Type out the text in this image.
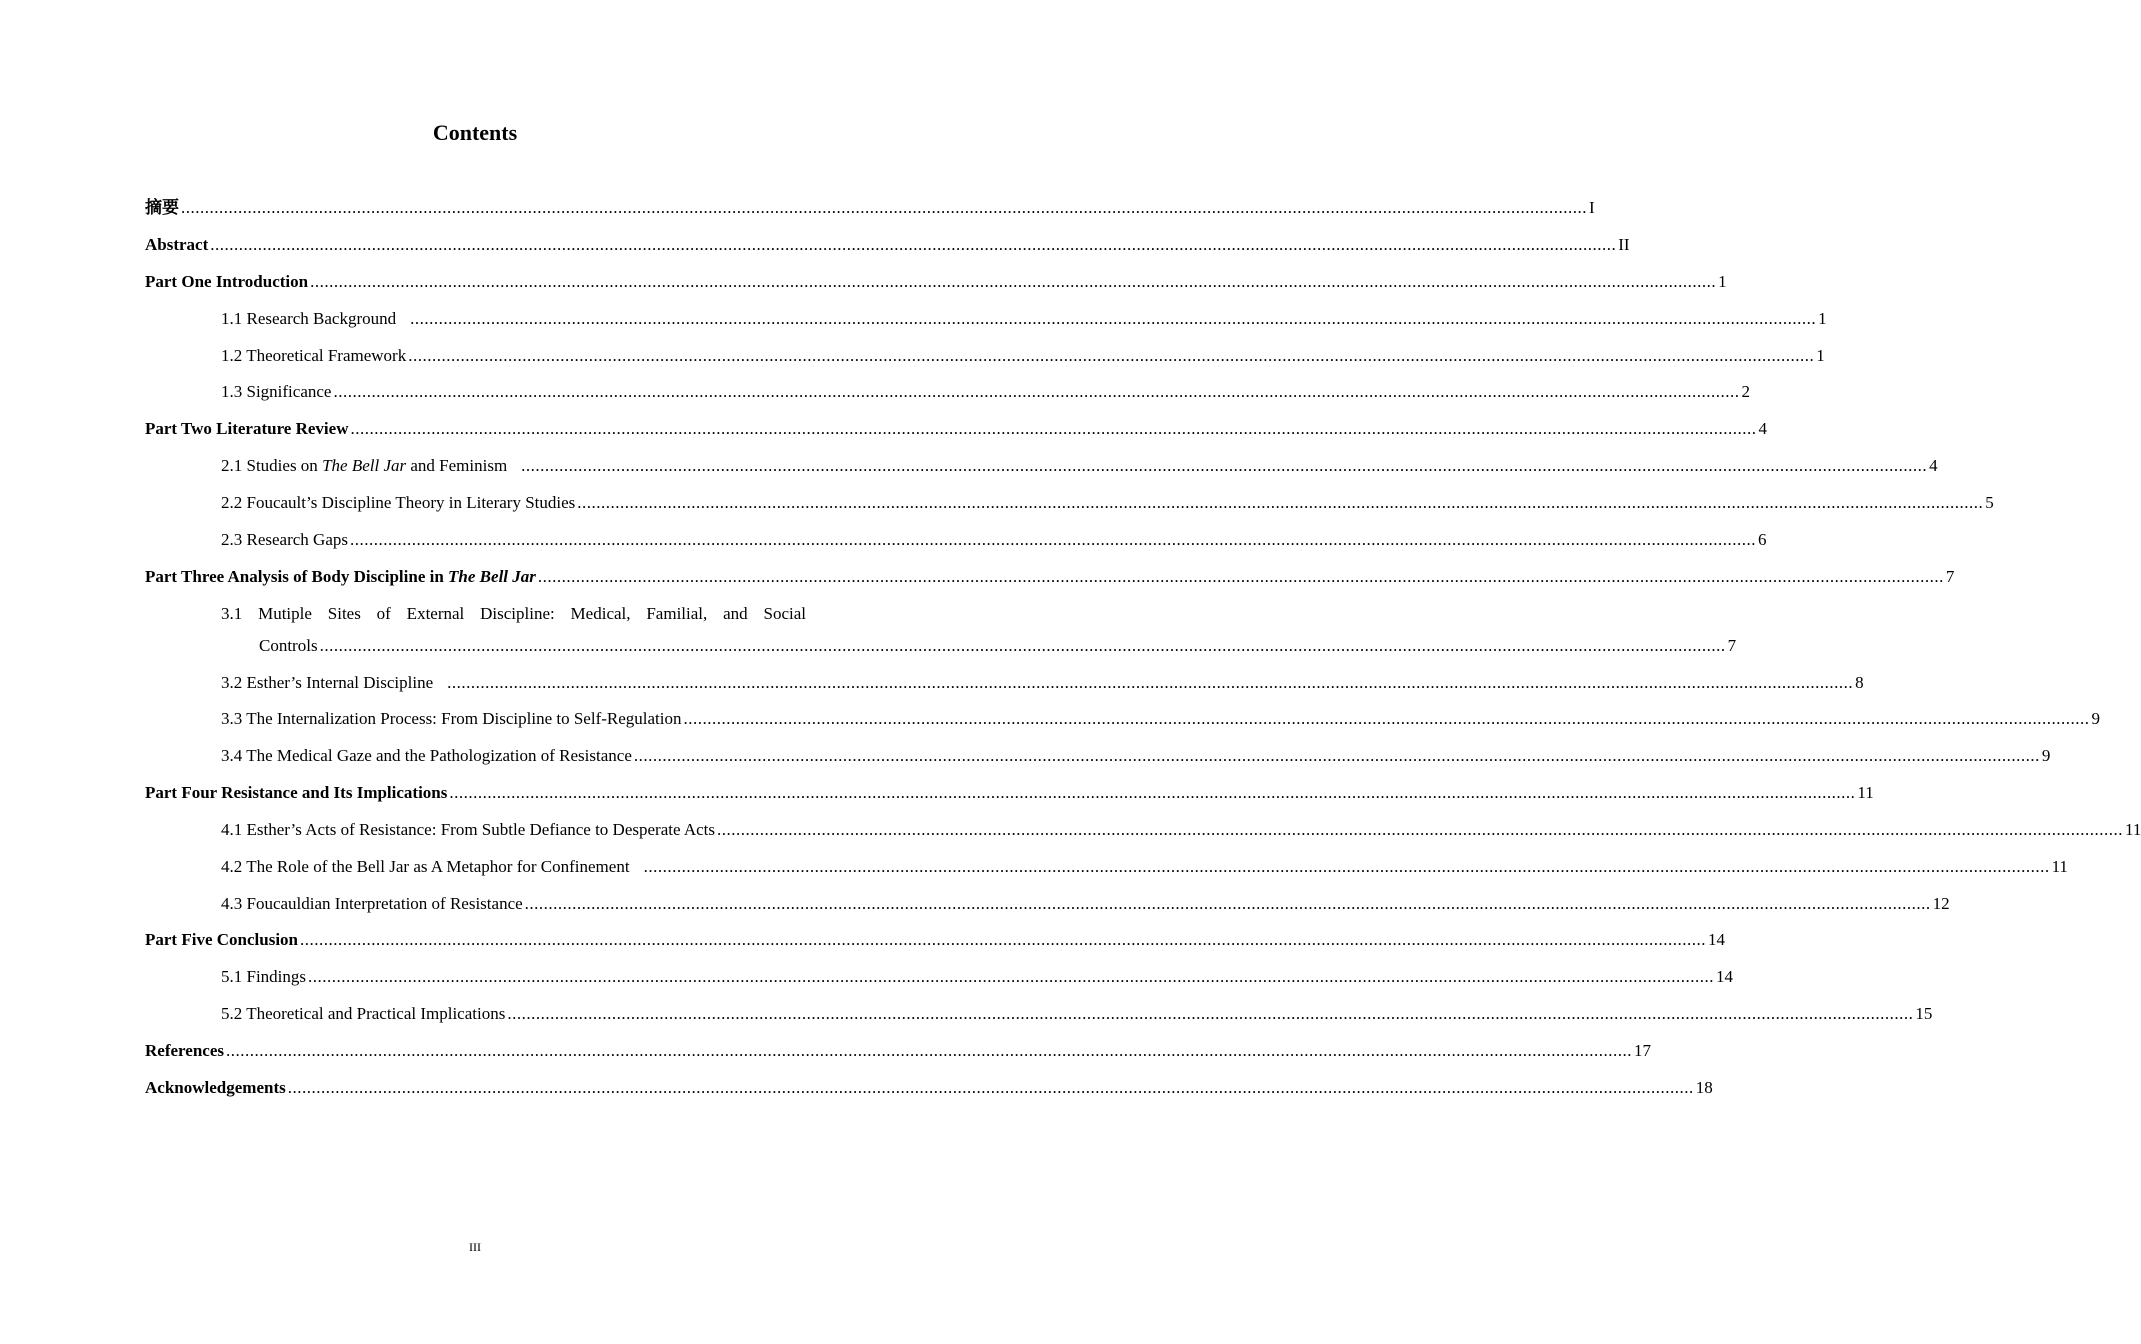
Contents
摘要 ........................................................................................................................................................................................................................................................................................................ I
Abstract ........................................................................................................................................................................................................................................................................................................ II
Part One Introduction ........................................................................................................................................................................................................................................................................................................ 1
1.1 Research Background ........................................................................................................................................................................................................................................................................................................ 1
1.2 Theoretical Framework ........................................................................................................................................................................................................................................................................................................ 1
1.3 Significance ........................................................................................................................................................................................................................................................................................................ 2
Part Two Literature Review ........................................................................................................................................................................................................................................................................................................ 4
2.1 Studies on The Bell Jar and Feminism ........................................................................................................................................................................................................................................................................................................ 4
2.2 Foucault’s Discipline Theory in Literary Studies ........................................................................................................................................................................................................................................................................................................ 5
2.3 Research Gaps ........................................................................................................................................................................................................................................................................................................ 6
Part Three Analysis of Body Discipline in The Bell Jar ........................................................................................................................................................................................................................................................................................................ 7
3.1 Mutiple Sites of External Discipline: Medical, Familial, and Social
Controls ........................................................................................................................................................................................................................................................................................................ 7
3.2 Esther’s Internal Discipline ........................................................................................................................................................................................................................................................................................................ 8
3.3 The Internalization Process: From Discipline to Self-Regulation ........................................................................................................................................................................................................................................................................................................ 9
3.4 The Medical Gaze and the Pathologization of Resistance ........................................................................................................................................................................................................................................................................................................ 9
Part Four Resistance and Its Implications ........................................................................................................................................................................................................................................................................................................ 11
4.1 Esther’s Acts of Resistance: From Subtle Defiance to Desperate Acts ........................................................................................................................................................................................................................................................................................................ 11
4.2 The Role of the Bell Jar as A Metaphor for Confinement ........................................................................................................................................................................................................................................................................................................ 11
4.3 Foucauldian Interpretation of Resistance ........................................................................................................................................................................................................................................................................................................ 12
Part Five Conclusion ........................................................................................................................................................................................................................................................................................................ 14
5.1 Findings ........................................................................................................................................................................................................................................................................................................ 14
5.2 Theoretical and Practical Implications ........................................................................................................................................................................................................................................................................................................ 15
References ........................................................................................................................................................................................................................................................................................................ 17
Acknowledgements ........................................................................................................................................................................................................................................................................................................ 18
III
